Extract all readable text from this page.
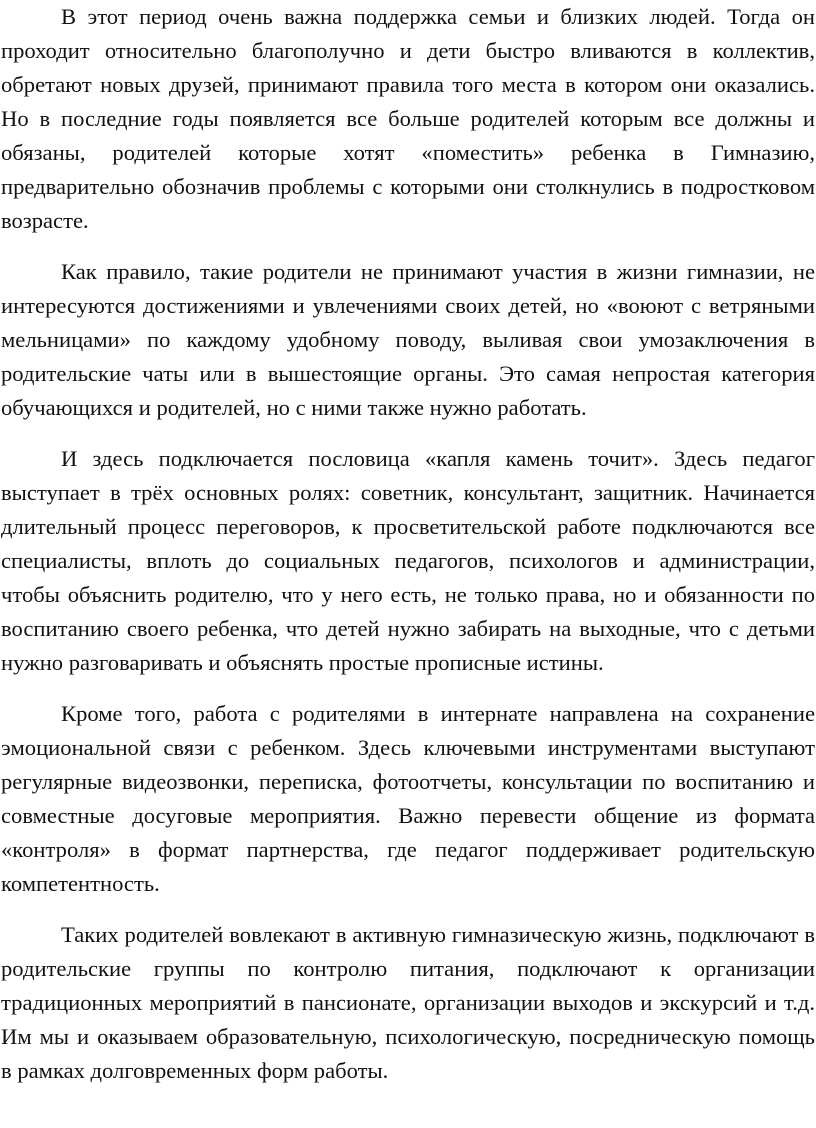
В этот период очень важна поддержка семьи и близких людей. Тогда он проходит относительно благополучно и дети быстро вливаются в коллектив, обретают новых друзей, принимают правила того места в котором они оказались. Но в последние годы появляется все больше родителей которым все должны и обязаны, родителей которые хотят «поместить» ребенка в Гимназию, предварительно обозначив проблемы с которыми они столкнулись в подростковом возрасте.

Как правило, такие родители не принимают участия в жизни гимназии, не интересуются достижениями и увлечениями своих детей, но «воюют с ветряными мельницами» по каждому удобному поводу, выливая свои умозаключения в родительские чаты или в вышестоящие органы. Это самая непростая категория обучающихся и родителей, но с ними также нужно работать.

И здесь подключается пословица «капля камень точит». Здесь педагог выступает в трёх основных ролях: советник, консультант, защитник. Начинается длительный процесс переговоров, к просветительской работе подключаются все специалисты, вплоть до социальных педагогов, психологов и администрации, чтобы объяснить родителю, что у него есть, не только права, но и обязанности по воспитанию своего ребенка, что детей нужно забирать на выходные, что с детьми нужно разговаривать и объяснять простые прописные истины.

Кроме того, работа с родителями в интернате направлена на сохранение эмоциональной связи с ребенком. Здесь ключевыми инструментами выступают регулярные видеозвонки, переписка, фотоотчеты, консультации по воспитанию и совместные досуговые мероприятия. Важно перевести общение из формата «контроля» в формат партнерства, где педагог поддерживает родительскую компетентность.

Таких родителей вовлекают в активную гимназическую жизнь, подключают в родительские группы по контролю питания, подключают к организации традиционных мероприятий в пансионате, организации выходов и экскурсий и т.д. Им мы и оказываем образовательную, психологическую, посредническую помощь в рамках долговременных форм работы.
